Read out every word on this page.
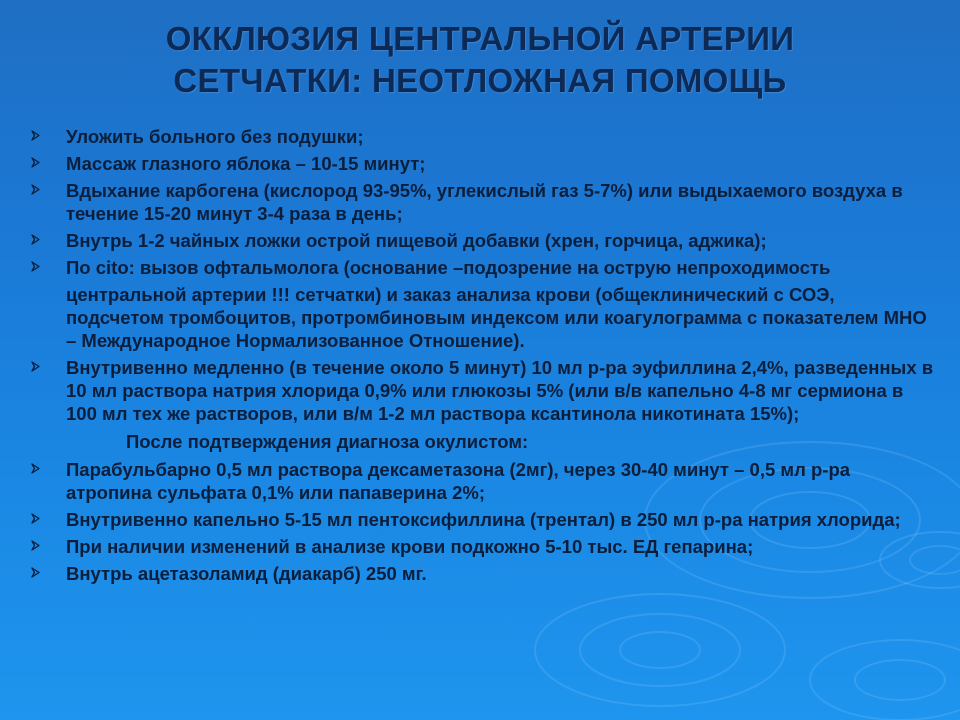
ОККЛЮЗИЯ ЦЕНТРАЛЬНОЙ АРТЕРИИ
СЕТЧАТКИ: НЕОТЛОЖНАЯ ПОМОЩЬ
Уложить больного без подушки;
Массаж глазного яблока – 10-15 минут;
Вдыхание карбогена (кислород 93-95%, углекислый газ 5-7%) или выдыхаемого воздуха в течение 15-20 минут 3-4 раза в день;
Внутрь 1-2 чайных ложки острой пищевой добавки (хрен, горчица, аджика);
По cito: вызов офтальмолога (основание –подозрение на острую непроходимость
центральной артерии !!! сетчатки) и заказ анализа крови (общеклинический с СОЭ, подсчетом тромбоцитов, протромбиновым индексом или коагулограмма с показателем МНО – Международное Нормализованное Отношение).
Внутривенно медленно (в течение около 5 минут) 10 мл р-ра эуфиллина 2,4%, разведенных в 10 мл раствора натрия хлорида 0,9% или глюкозы 5% (или в/в капельно 4-8 мг сермиона в 100 мл тех же растворов, или в/м 1-2 мл раствора ксантинола никотината 15%);
После подтверждения диагноза окулистом:
Парабульбарно 0,5 мл раствора дексаметазона (2мг), через 30-40 минут – 0,5 мл р-ра атропина сульфата 0,1% или папаверина 2%;
Внутривенно капельно 5-15 мл пентоксифиллина (трентал) в 250 мл р-ра натрия хлорида;
При наличии изменений в анализе крови подкожно 5-10 тыс. ЕД гепарина;
Внутрь ацетазоламид (диакарб) 250 мг.
